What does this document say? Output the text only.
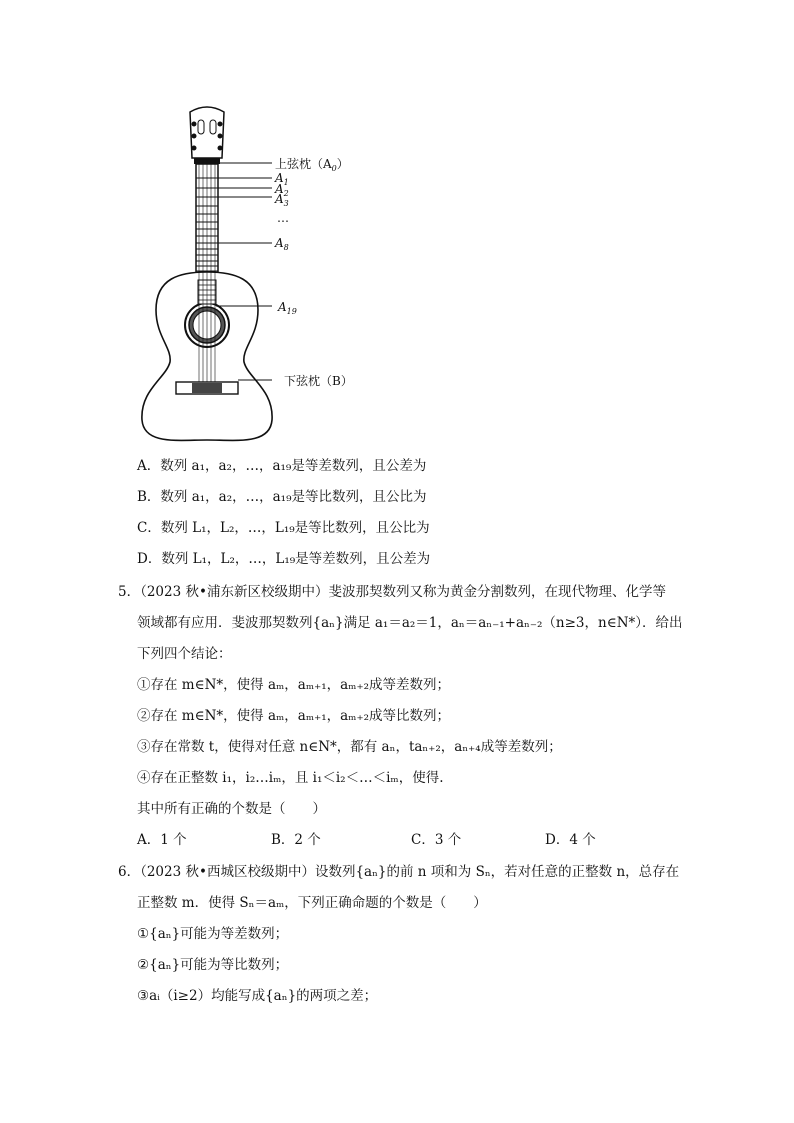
上弦枕$(A_0)$
$A_1$
$A_2$
$A_3$
…
$A_8$
$A_{19}$
下弦枕（B）
A．数列 a₁，a₂，…，a₁₉是等差数列，且公差为
B．数列 a₁，a₂，…，a₁₉是等比数列，且公比为
C．数列 L₁，L₂，…，L₁₉是等比数列，且公比为
D．数列 L₁，L₂，…，L₁₉是等差数列，且公差为
5．（2023 秋•浦东新区校级期中）斐波那契数列又称为黄金分割数列，在现代物理、化学等
领域都有应用．斐波那契数列{aₙ}满足 a₁＝a₂＝1，aₙ＝aₙ₋₁+aₙ₋₂（n≥3，n∈N*）．给出
下列四个结论：
①存在 m∈N*，使得 aₘ，aₘ₊₁，aₘ₊₂成等差数列；
②存在 m∈N*，使得 aₘ，aₘ₊₁，aₘ₊₂成等比数列；
③存在常数 t，使得对任意 n∈N*，都有 aₙ，taₙ₊₂，aₙ₊₄成等差数列；
④存在正整数 i₁，i₂…iₘ，且 i₁＜i₂＜…＜iₘ，使得.
其中所有正确的个数是（　　）
A．1 个	B．2 个	C．3 个	D．4 个
6．（2023 秋•西城区校级期中）设数列{aₙ}的前 n 项和为 Sₙ，若对任意的正整数 n，总存在
正整数 m．使得 Sₙ＝aₘ，下列正确命题的个数是（　　）
①{aₙ}可能为等差数列；
②{aₙ}可能为等比数列；
③aᵢ（i≥2）均能写成{aₙ}的两项之差；
